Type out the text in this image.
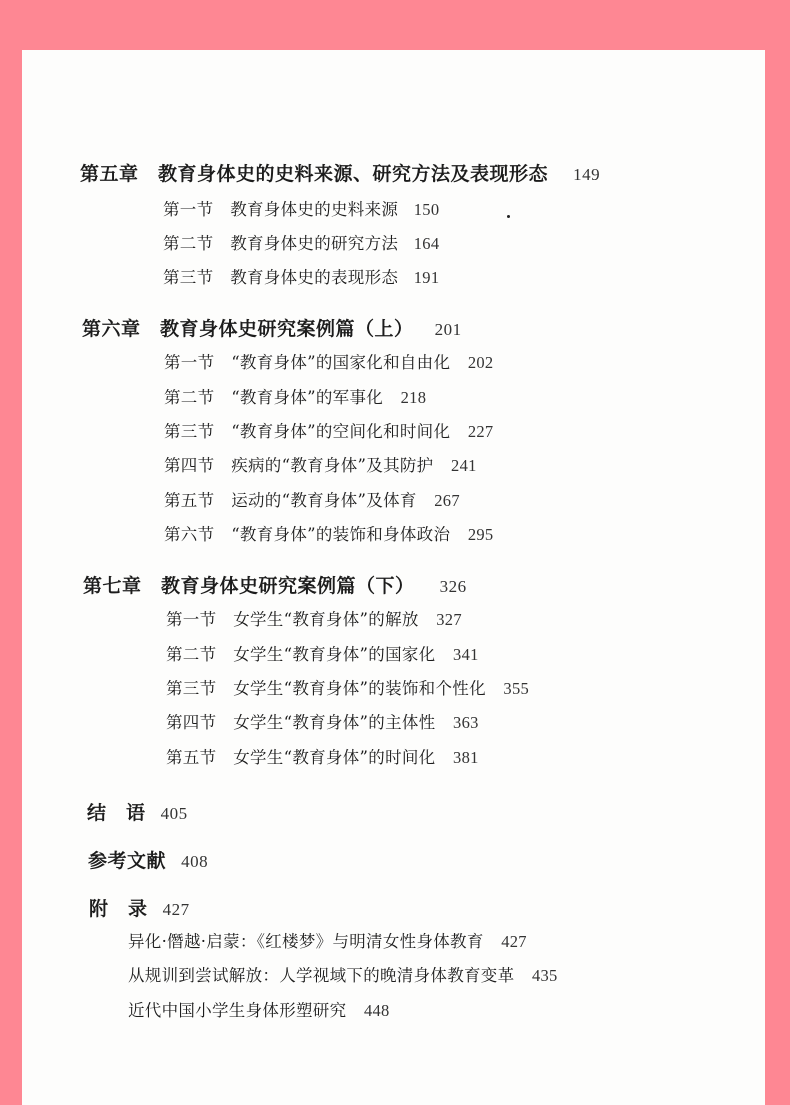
第五章　教育身体史的史料来源、研究方法及表现形态 149
第一节　教育身体史的史料来源 150
第二节　教育身体史的研究方法 164
第三节　教育身体史的表现形态 191
第六章　教育身体史研究案例篇（上） 201
第一节　“教育身体”的国家化和自由化 202
第二节　“教育身体”的军事化 218
第三节　“教育身体”的空间化和时间化 227
第四节　疾病的“教育身体”及其防护 241
第五节　运动的“教育身体”及体育 267
第六节　“教育身体”的装饰和身体政治 295
第七章　教育身体史研究案例篇（下） 326
第一节　女学生“教育身体”的解放 327
第二节　女学生“教育身体”的国家化 341
第三节　女学生“教育身体”的装饰和个性化 355
第四节　女学生“教育身体”的主体性 363
第五节　女学生“教育身体”的时间化 381
结　语 405
参考文献 408
附　录 427
异化·僭越·启蒙：《红楼梦》与明清女性身体教育 427
从规训到尝试解放：人学视域下的晚清身体教育变革 435
近代中国小学生身体形塑研究 448
